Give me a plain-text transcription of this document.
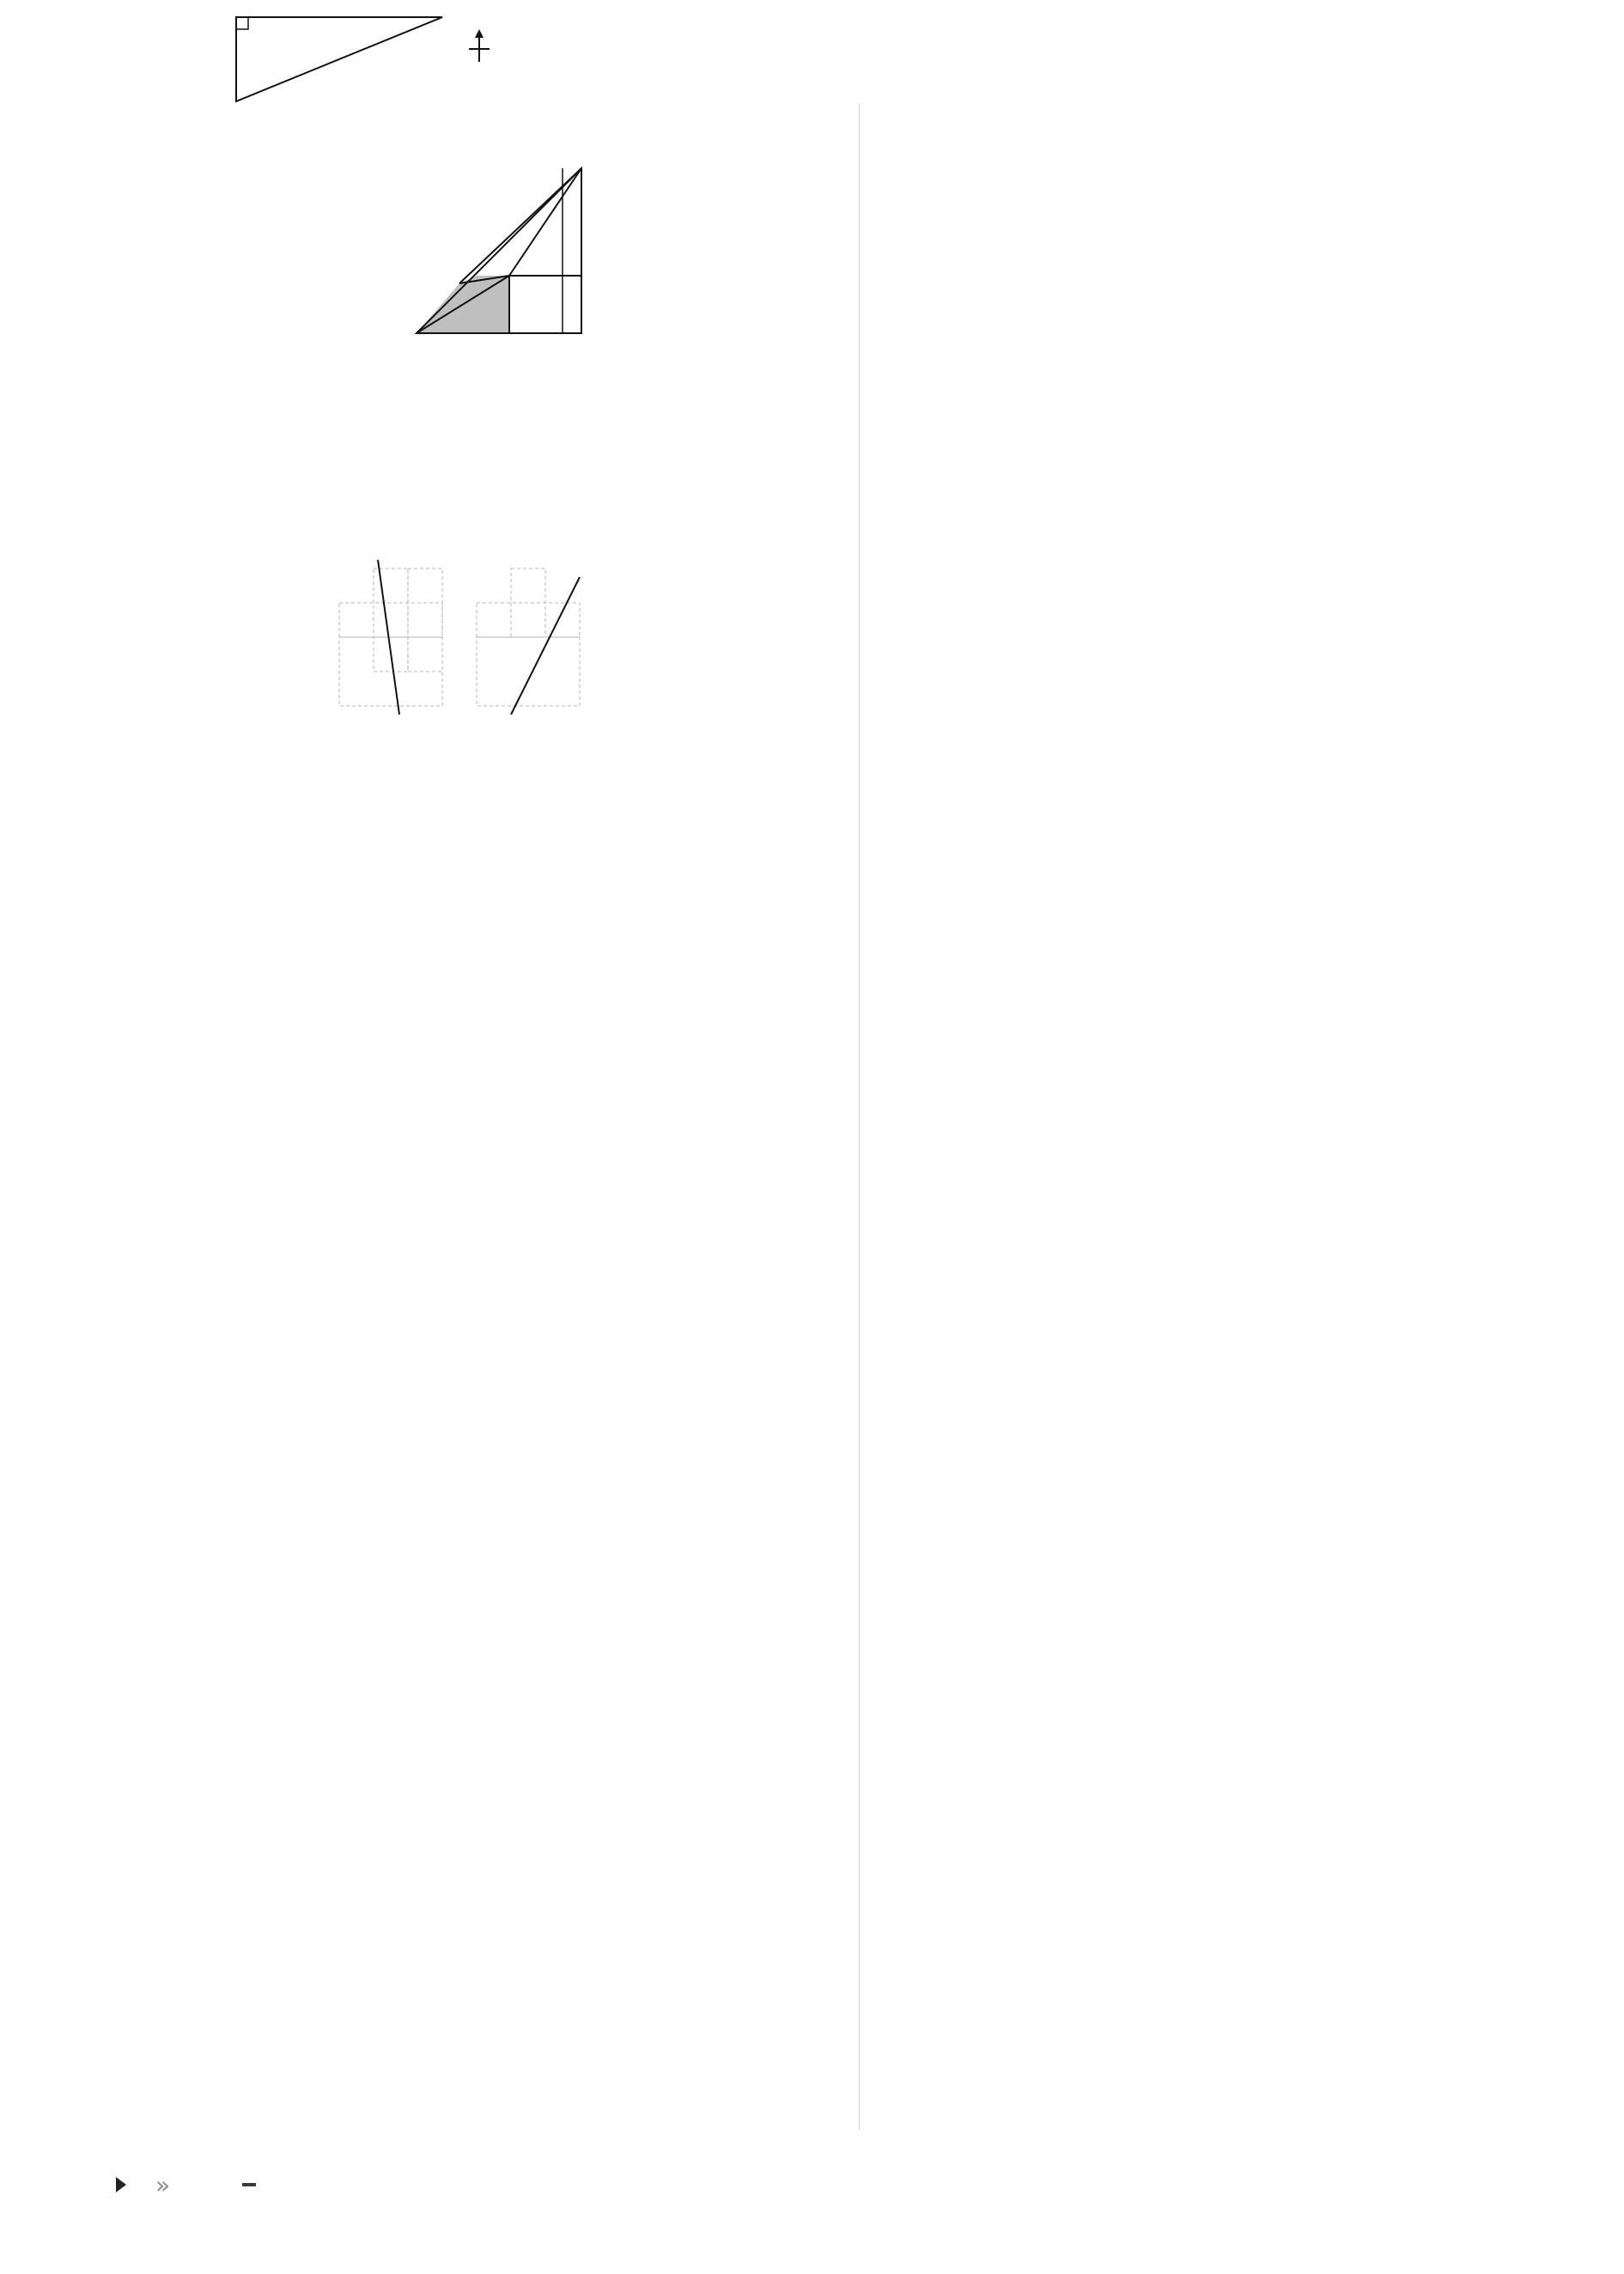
»
